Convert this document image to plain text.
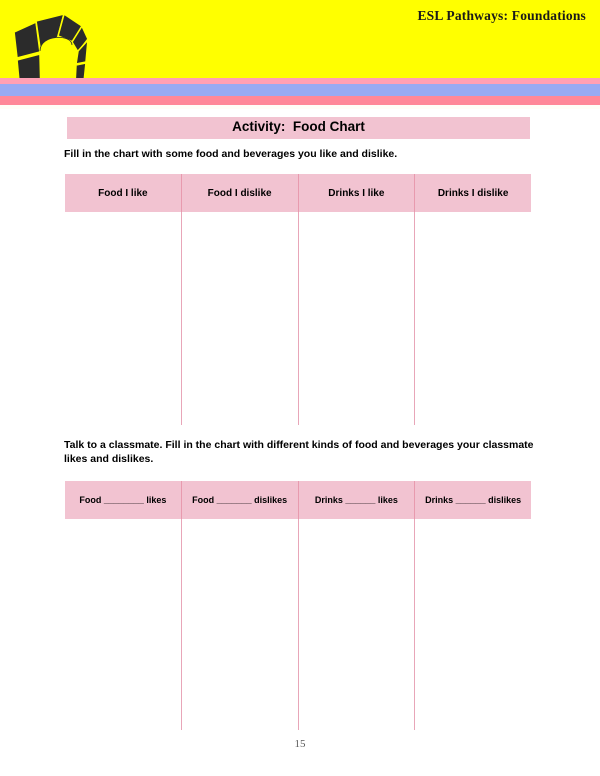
ESL Pathways: Foundations
Activity:  Food Chart
Fill in the chart with some food and beverages you like and dislike.
Food I like	Food I dislike	Drinks I like	Drinks I dislike
Talk to a classmate. Fill in the chart with different kinds of food and beverages your classmate likes and dislikes.
Food ________ likes	Food _______ dislikes	Drinks ______ likes	Drinks ______ dislikes
15
